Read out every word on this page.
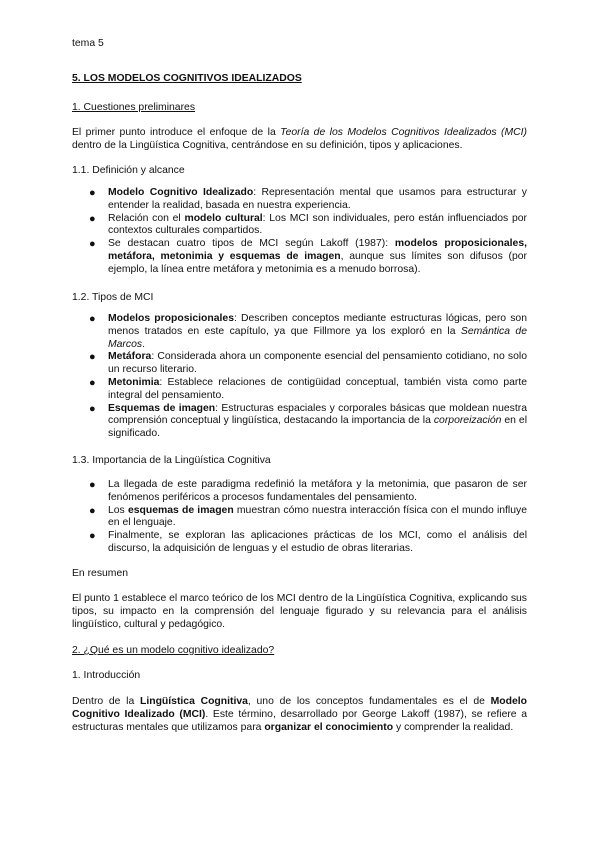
tema 5
5. LOS MODELOS COGNITIVOS IDEALIZADOS
1. Cuestiones preliminares

El primer punto introduce el enfoque de la Teoría de los Modelos Cognitivos Idealizados (MCI) dentro de la Lingüística Cognitiva, centrándose en su definición, tipos y aplicaciones.

1.1. Definición y alcance
● Modelo Cognitivo Idealizado: Representación mental que usamos para estructurar y entender la realidad, basada en nuestra experiencia.
● Relación con el modelo cultural: Los MCI son individuales, pero están influenciados por contextos culturales compartidos.
● Se destacan cuatro tipos de MCI según Lakoff (1987): modelos proposicionales, metáfora, metonimia y esquemas de imagen, aunque sus límites son difusos (por ejemplo, la línea entre metáfora y metonimia es a menudo borrosa).
1.2. Tipos de MCI
● Modelos proposicionales: Describen conceptos mediante estructuras lógicas, pero son menos tratados en este capítulo, ya que Fillmore ya los exploró en la Semántica de Marcos.
● Metáfora: Considerada ahora un componente esencial del pensamiento cotidiano, no solo un recurso literario.
● Metonimia: Establece relaciones de contigüidad conceptual, también vista como parte integral del pensamiento.
● Esquemas de imagen: Estructuras espaciales y corporales básicas que moldean nuestra comprensión conceptual y lingüística, destacando la importancia de la corporeización en el significado.
1.3. Importancia de la Lingüística Cognitiva
● La llegada de este paradigma redefinió la metáfora y la metonimia, que pasaron de ser fenómenos periféricos a procesos fundamentales del pensamiento.
● Los esquemas de imagen muestran cómo nuestra interacción física con el mundo influye en el lenguaje.
● Finalmente, se exploran las aplicaciones prácticas de los MCI, como el análisis del discurso, la adquisición de lenguas y el estudio de obras literarias.
En resumen

El punto 1 establece el marco teórico de los MCI dentro de la Lingüística Cognitiva, explicando sus tipos, su impacto en la comprensión del lenguaje figurado y su relevancia para el análisis lingüístico, cultural y pedagógico.

2. ¿Qué es un modelo cognitivo idealizado?
1. Introducción

Dentro de la Lingüística Cognitiva, uno de los conceptos fundamentales es el de Modelo Cognitivo Idealizado (MCI). Este término, desarrollado por George Lakoff (1987), se refiere a estructuras mentales que utilizamos para organizar el conocimiento y comprender la realidad.
